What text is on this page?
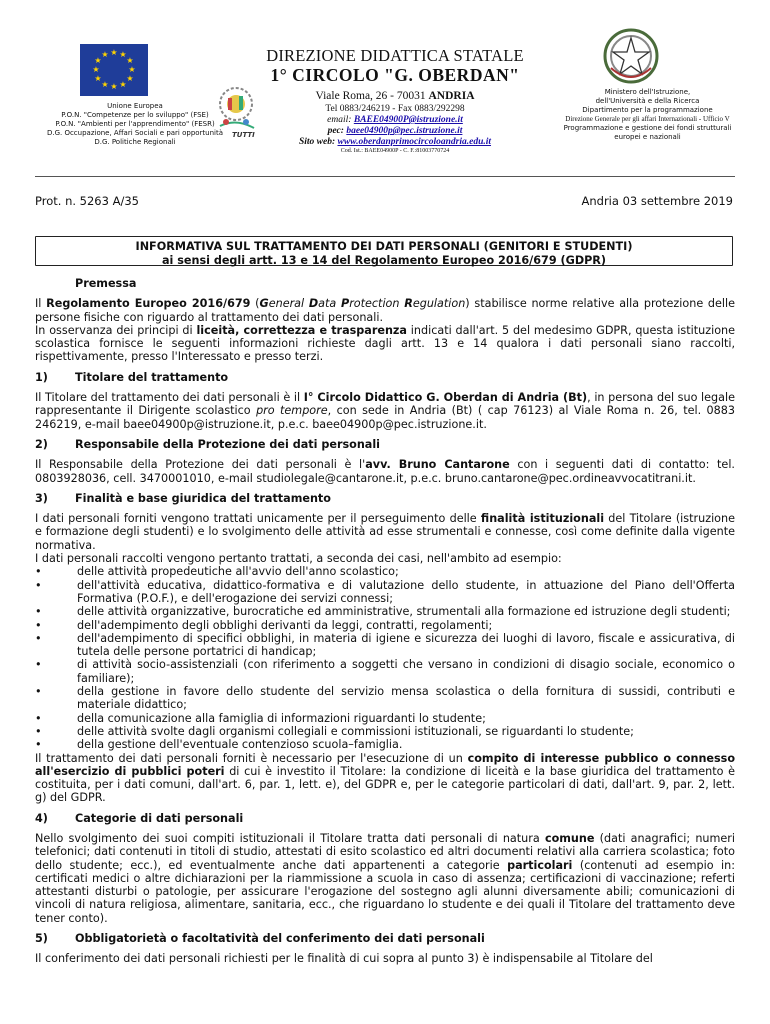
★ ★
★
★
★
★
★
★
★
★
★
★
Unione Europea
P.O.N. "Competenze per lo sviluppo" (FSE)
P.O.N. "Ambienti per l'apprendimento" (FESR)
D.G. Occupazione, Affari Sociali e pari opportunità
D.G. Politiche Regionali
TUTTI
DIREZIONE DIDATTICA STATALE
1° CIRCOLO "G. OBERDAN"
Viale Roma, 26 - 70031 ANDRIA
Tel 0883/246219 - Fax 0883/292298
email: BAEE04900P@istruzione.it
pec: baee04900p@pec.istruzione.it
Sito web: www.oberdanprimocircoloandria.edu.it
Cod. Ist.: BAEE04900P - C. F.:81003770724
Ministero dell'Istruzione,
dell'Università e della Ricerca
Dipartimento per la programmazione
Direzione Generale per gli affari Internazionali - Ufficio V
Programmazione e gestione dei fondi strutturali
europei e nazionali
Prot. n. 5263 A/35	Andria 03 settembre 2019
INFORMATIVA SUL TRATTAMENTO DEI DATI PERSONALI (GENITORI E STUDENTI)
ai sensi degli artt. 13 e 14 del Regolamento Europeo 2016/679 (GDPR)
Premessa

Il Regolamento Europeo 2016/679 (General Data Protection Regulation) stabilisce norme relative alla protezione delle persone fisiche con riguardo al trattamento dei dati personali.

In osservanza dei principi di liceità, correttezza e trasparenza indicati dall'art. 5 del medesimo GDPR, questa istituzione scolastica fornisce le seguenti informazioni richieste dagli artt. 13 e 14 qualora i dati personali siano raccolti, rispettivamente, presso l'Interessato e presso terzi.

1)	Titolare del trattamento

Il Titolare del trattamento dei dati personali è il I° Circolo Didattico G. Oberdan di Andria (Bt), in persona del suo legale rappresentante il Dirigente scolastico pro tempore, con sede in Andria (Bt) ( cap 76123) al Viale Roma n. 26, tel. 0883 246219, e-mail baee04900p@istruzione.it, p.e.c. baee04900p@pec.istruzione.it.

2)	Responsabile della Protezione dei dati personali

Il Responsabile della Protezione dei dati personali è l'avv. Bruno Cantarone con i seguenti dati di contatto: tel. 0803928036, cell. 3470001010, e-mail studiolegale@cantarone.it, p.e.c. bruno.cantarone@pec.ordineavvocatitrani.it.

3)	Finalità e base giuridica del trattamento

I dati personali forniti vengono trattati unicamente per il perseguimento delle finalità istituzionali del Titolare (istruzione e formazione degli studenti) e lo svolgimento delle attività ad esse strumentali e connesse, così come definite dalla vigente normativa.

I dati personali raccolti vengono pertanto trattati, a seconda dei casi, nell'ambito ad esempio:

• delle attività propedeutiche all'avvio dell'anno scolastico;
• dell'attività educativa, didattico-formativa e di valutazione dello studente, in attuazione del Piano dell'Offerta Formativa (P.O.F.), e dell'erogazione dei servizi connessi;
• delle attività organizzative, burocratiche ed amministrative, strumentali alla formazione ed istruzione degli studenti;
• dell'adempimento degli obblighi derivanti da leggi, contratti, regolamenti;
• dell'adempimento di specifici obblighi, in materia di igiene e sicurezza dei luoghi di lavoro, fiscale e assicurativa, di tutela delle persone portatrici di handicap;
• di attività socio-assistenziali (con riferimento a soggetti che versano in condizioni di disagio sociale, economico o familiare);
• della gestione in favore dello studente del servizio mensa scolastica o della fornitura di sussidi, contributi e materiale didattico;
• della comunicazione alla famiglia di informazioni riguardanti lo studente;
• delle attività svolte dagli organismi collegiali e commissioni istituzionali, se riguardanti lo studente;
• della gestione dell'eventuale contenzioso scuola–famiglia.

Il trattamento dei dati personali forniti è necessario per l'esecuzione di un compito di interesse pubblico o connesso all'esercizio di pubblici poteri di cui è investito il Titolare: la condizione di liceità e la base giuridica del trattamento è costituita, per i dati comuni, dall'art. 6, par. 1, lett. e), del GDPR e, per le categorie particolari di dati, dall'art. 9, par. 2, lett. g) del GDPR.

4)	Categorie di dati personali

Nello svolgimento dei suoi compiti istituzionali il Titolare tratta dati personali di natura comune (dati anagrafici; numeri telefonici; dati contenuti in titoli di studio, attestati di esito scolastico ed altri documenti relativi alla carriera scolastica; foto dello studente; ecc.), ed eventualmente anche dati appartenenti a categorie particolari (contenuti ad esempio in: certificati medici o altre dichiarazioni per la riammissione a scuola in caso di assenza; certificazioni di vaccinazione; referti attestanti disturbi o patologie, per assicurare l'erogazione del sostegno agli alunni diversamente abili; comunicazioni di vincoli di natura religiosa, alimentare, sanitaria, ecc., che riguardano lo studente e dei quali il Titolare del trattamento deve tener conto).

5)	Obbligatorietà o facoltatività del conferimento dei dati personali

Il conferimento dei dati personali richiesti per le finalità di cui sopra al punto 3) è indispensabile al Titolare del
